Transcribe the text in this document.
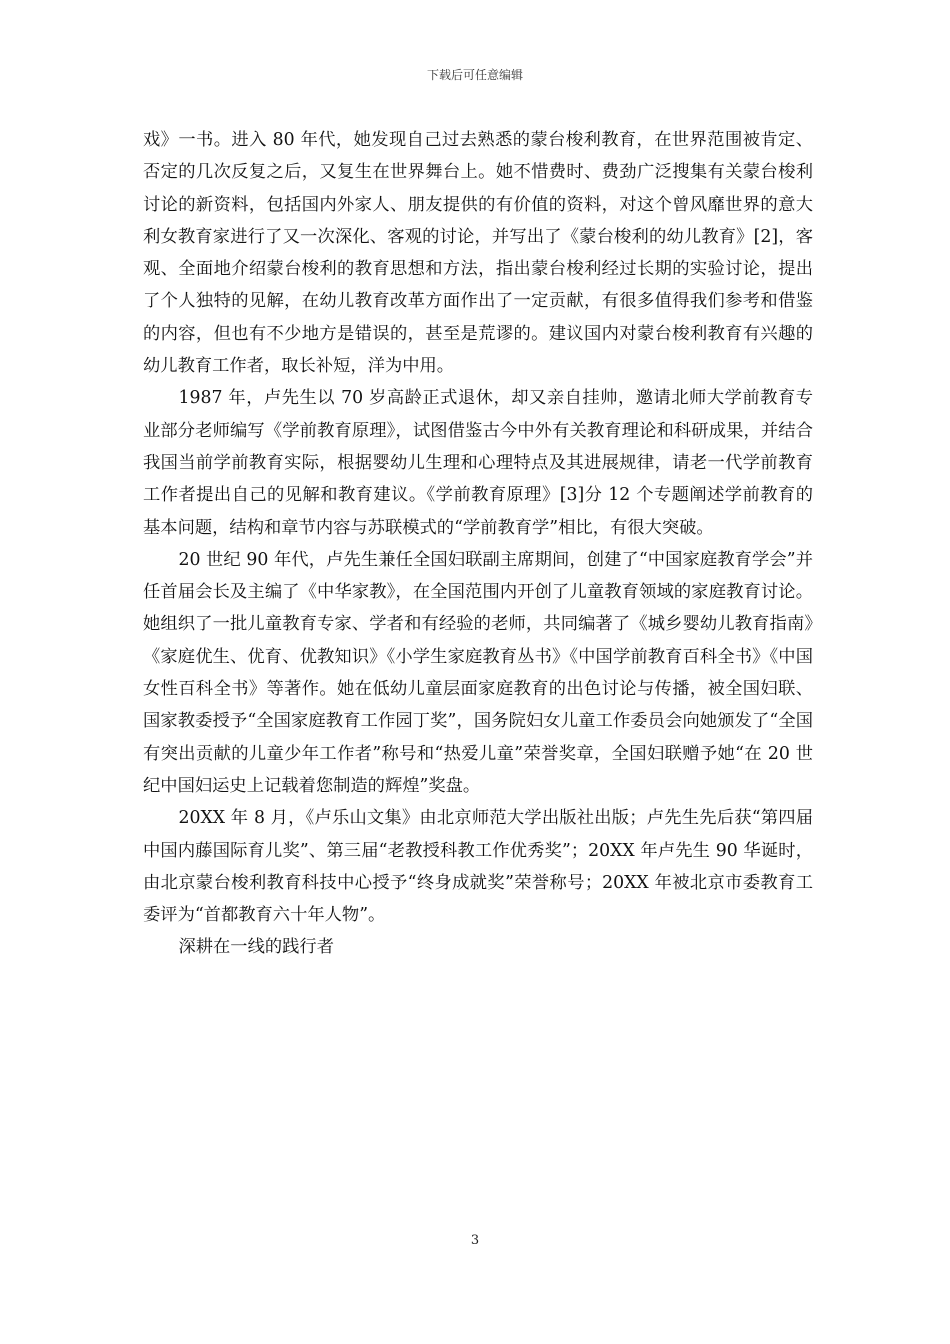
下载后可任意编辑

戏》一书。进入 80 年代，她发现自己过去熟悉的蒙台梭利教育，在世界范围被肯定、否定的几次反复之后，又复生在世界舞台上。她不惜费时、费劲广泛搜集有关蒙台梭利讨论的新资料，包括国内外家人、朋友提供的有价值的资料，对这个曾风靡世界的意大利女教育家进行了又一次深化、客观的讨论，并写出了《蒙台梭利的幼儿教育》[2]，客观、全面地介绍蒙台梭利的教育思想和方法，指出蒙台梭利经过长期的实验讨论，提出了个人独特的见解，在幼儿教育改革方面作出了一定贡献，有很多值得我们参考和借鉴的内容，但也有不少地方是错误的，甚至是荒谬的。建议国内对蒙台梭利教育有兴趣的幼儿教育工作者，取长补短，洋为中用。

1987 年，卢先生以 70 岁高龄正式退休，却又亲自挂帅，邀请北师大学前教育专业部分老师编写《学前教育原理》，试图借鉴古今中外有关教育理论和科研成果，并结合我国当前学前教育实际，根据婴幼儿生理和心理特点及其进展规律，请老一代学前教育工作者提出自己的见解和教育建议。《学前教育原理》[3]分 12 个专题阐述学前教育的基本问题，结构和章节内容与苏联模式的“学前教育学”相比，有很大突破。

20 世纪 90 年代，卢先生兼任全国妇联副主席期间，创建了“中国家庭教育学会”并任首届会长及主编了《中华家教》，在全国范围内开创了儿童教育领域的家庭教育讨论。她组织了一批儿童教育专家、学者和有经验的老师，共同编著了《城乡婴幼儿教育指南》《家庭优生、优育、优教知识》《小学生家庭教育丛书》《中国学前教育百科全书》《中国女性百科全书》等著作。她在低幼儿童层面家庭教育的出色讨论与传播，被全国妇联、国家教委授予“全国家庭教育工作园丁奖”，国务院妇女儿童工作委员会向她颁发了“全国有突出贡献的儿童少年工作者”称号和“热爱儿童”荣誉奖章，全国妇联赠予她“在 20 世纪中国妇运史上记载着您制造的辉煌”奖盘。

20XX 年 8 月，《卢乐山文集》由北京师范大学出版社出版；卢先生先后获“第四届中国内藤国际育儿奖”、第三届“老教授科教工作优秀奖”；20XX 年卢先生 90 华诞时，由北京蒙台梭利教育科技中心授予“终身成就奖”荣誉称号；20XX 年被北京市委教育工委评为“首都教育六十年人物”。

深耕在一线的践行者

3
